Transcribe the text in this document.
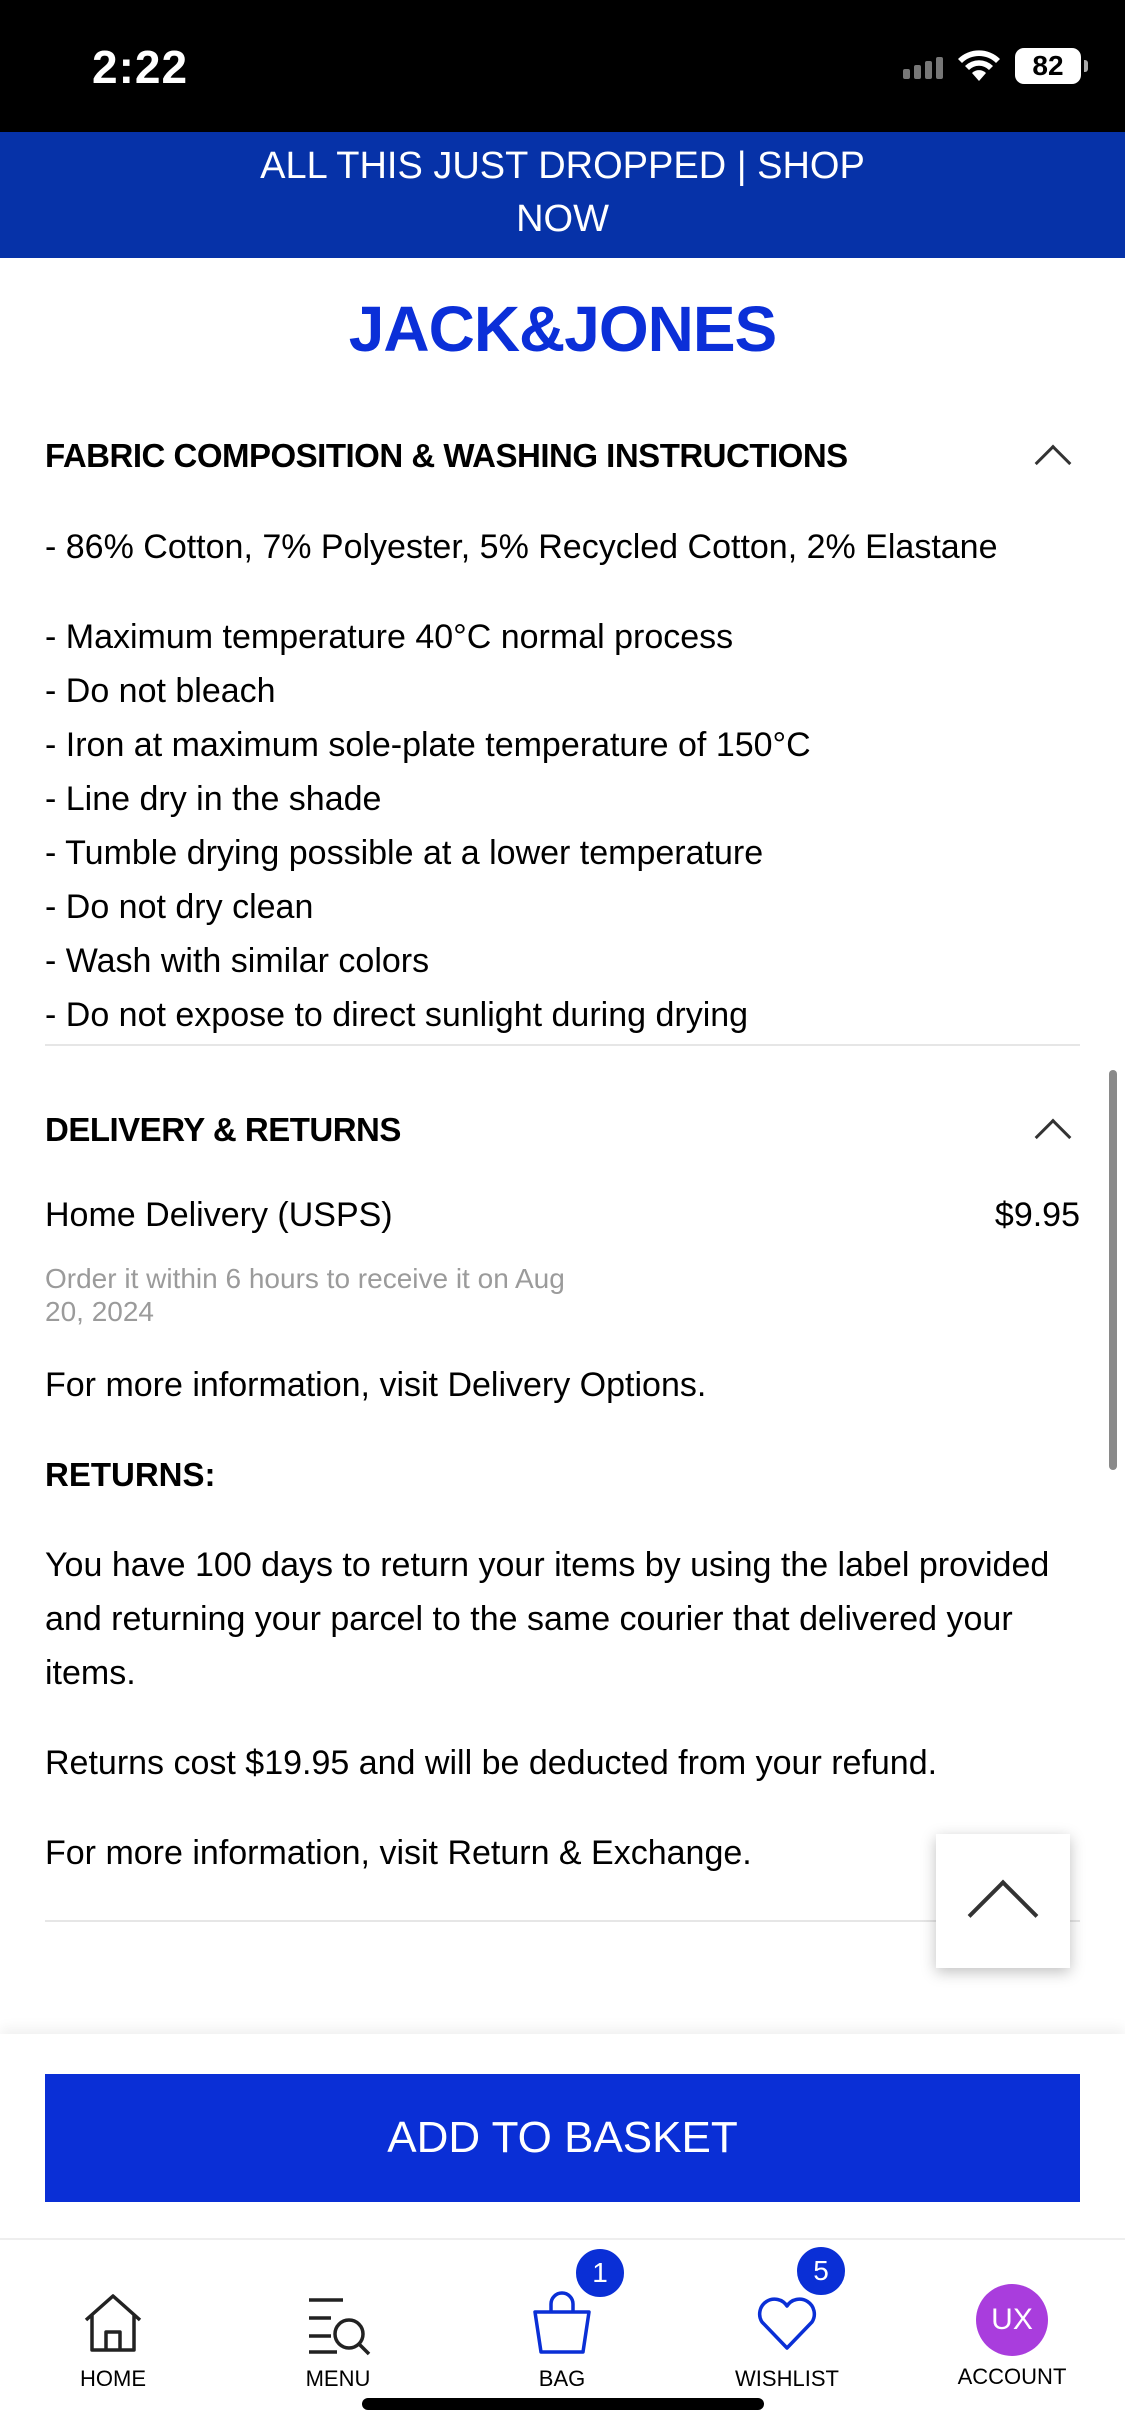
2:22	82
ALL THIS JUST DROPPED | SHOP NOW
JACK&JONES
FABRIC COMPOSITION & WASHING INSTRUCTIONS
- 86% Cotton, 7% Polyester, 5% Recycled Cotton, 2% Elastane
- Maximum temperature 40°C normal process
- Do not bleach
- Iron at maximum sole-plate temperature of 150°C
- Line dry in the shade
- Tumble drying possible at a lower temperature
- Do not dry clean
- Wash with similar colors
- Do not expose to direct sunlight during drying
DELIVERY & RETURNS
Home Delivery (USPS)	$9.95
Order it within 6 hours to receive it on Aug 20, 2024
For more information, visit Delivery Options.
RETURNS:
You have 100 days to return your items by using the label provided and returning your parcel to the same courier that delivered your items.
Returns cost $19.95 and will be deducted from your refund.
For more information, visit Return & Exchange.
ADD TO BASKET
HOME	MENU
1
BAG
5
WISHLIST
UX
ACCOUNT
